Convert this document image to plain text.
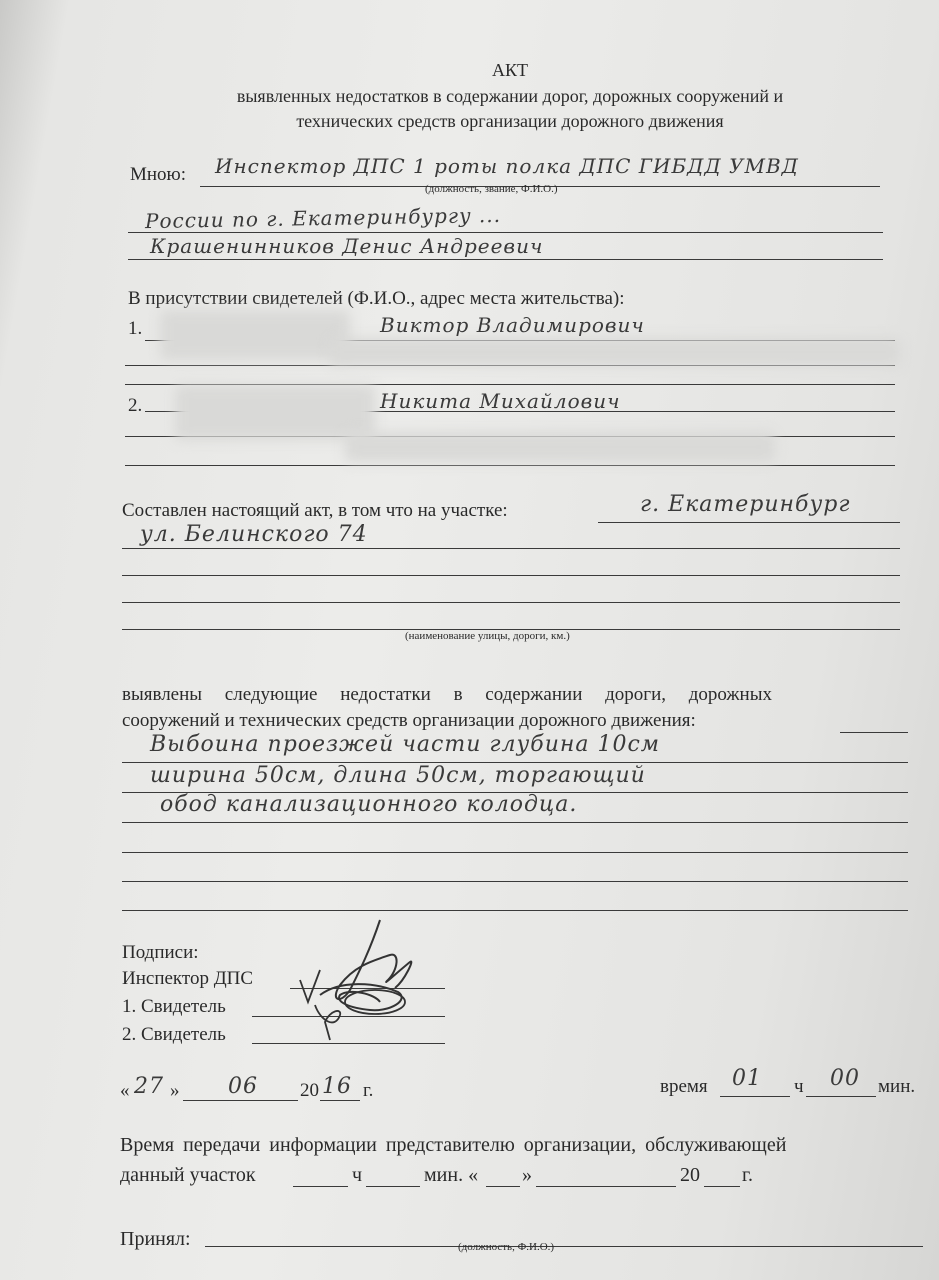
АКТ
выявленных недостатков в содержании дорог, дорожных сооружений и
технических средств организации дорожного движения
Мною: Инспектор ДПС 1 роты полка ДПС ГИБДД УМВД
(должность, звание, Ф.И.О.)
России по г. Екатеринбургу ...
Крашенинников Денис Андреевич
В присутствии свидетелей (Ф.И.О., адрес места жительства):
1.	Виктор Владимирович
2.	Никита Михайлович
Составлен настоящий акт, в том что на участке:	г. Екатеринбург
ул. Белинского 74
(наименование улицы, дороги, км.)
выявлены следующие недостатки в содержании дороги, дорожных
сооружений и технических средств организации дорожного движения:
Выбоина проезжей части глубина 10см
ширина 50см, длина 50см, торгающий
обод канализационного колодца.
Подписи:
Инспектор ДПС
1. Свидетель
2. Свидетель
« 27 » 06 20 16 г.	время 01 ч 00 мин.
Время передачи информации представителю организации, обслуживающей
данный участок	ч	мин. « »	20 г.
Принял:	(должность, Ф.И.О.)
